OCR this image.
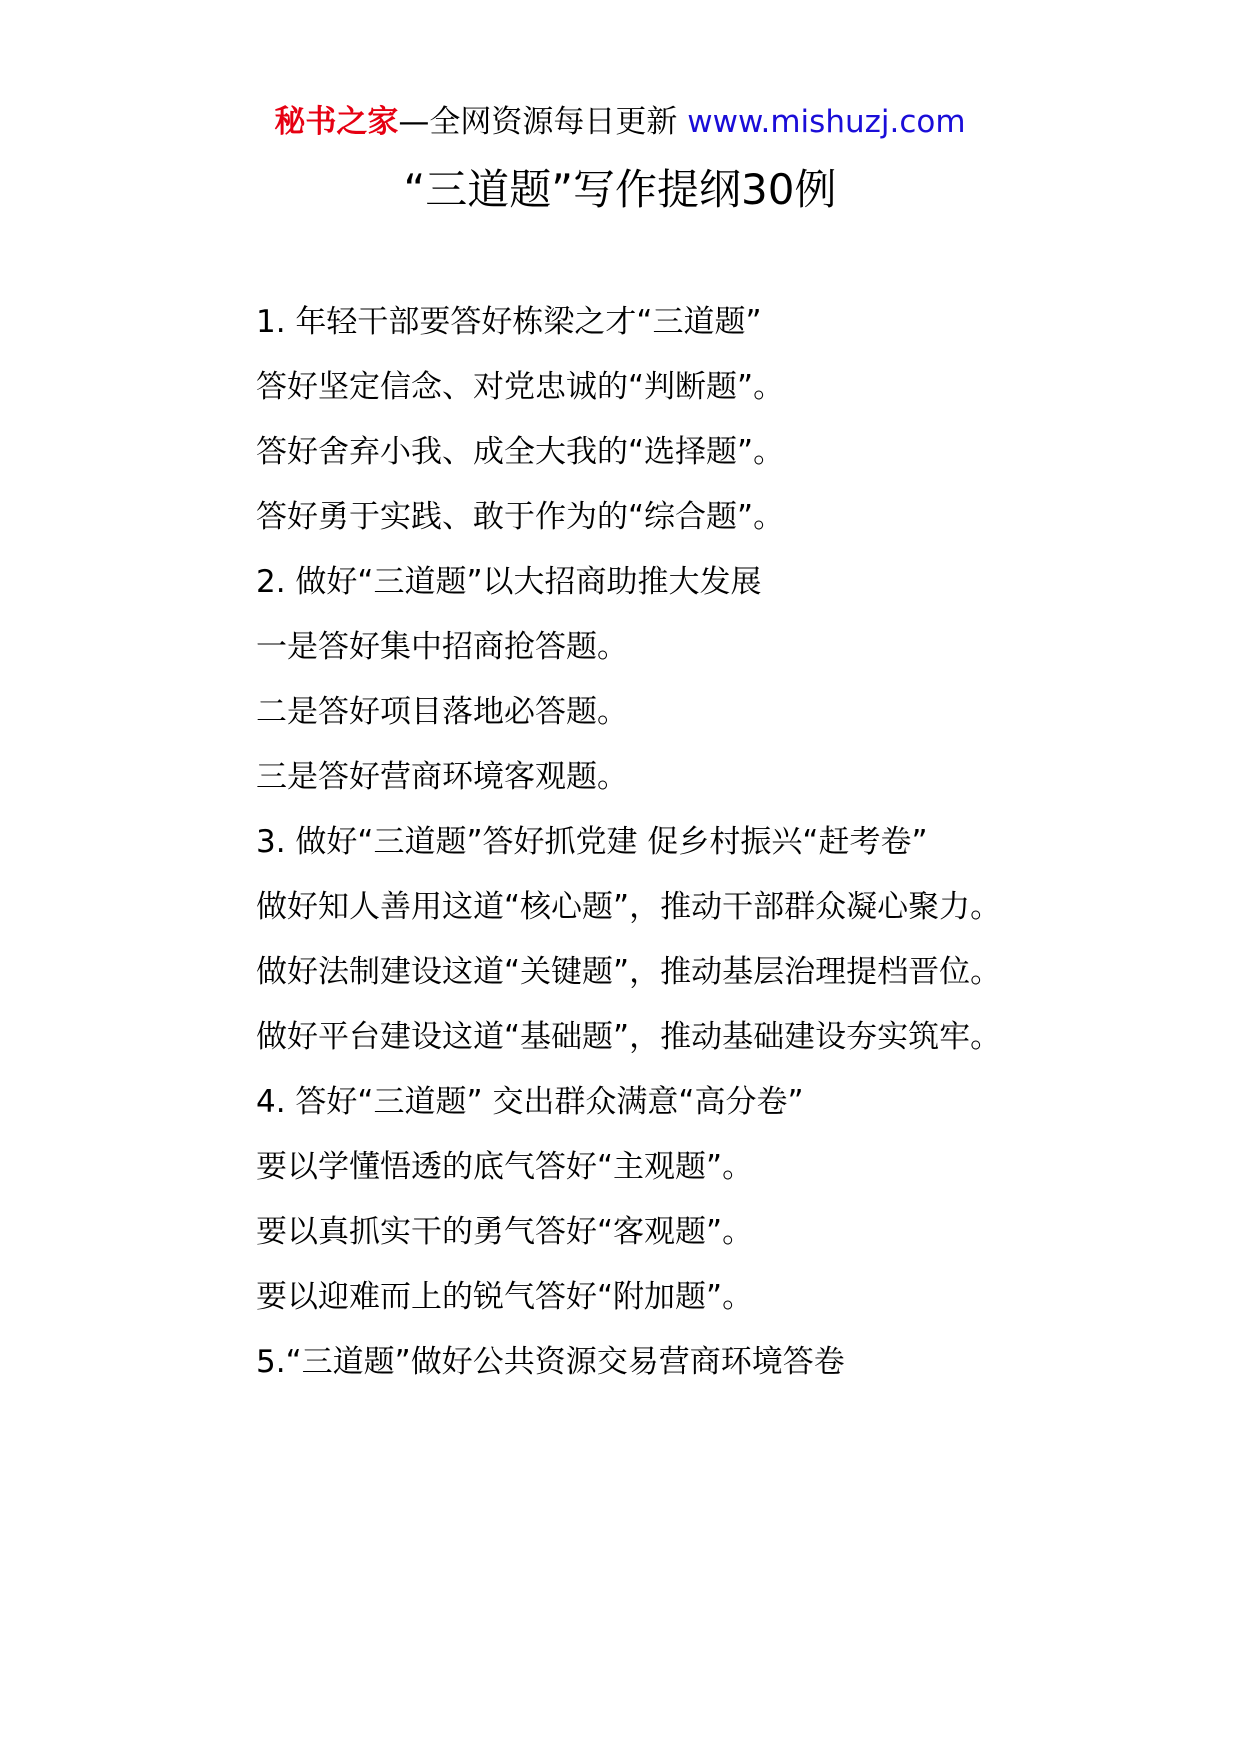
秘书之家—全网资源每日更新 www.mishuzj.com
“三道题”写作提纲30例

1. 年轻干部要答好栋梁之才“三道题”

答好坚定信念、对党忠诚的“判断题”。

答好舍弃小我、成全大我的“选择题”。

答好勇于实践、敢于作为的“综合题”。

2. 做好“三道题”以大招商助推大发展

一是答好集中招商抢答题。

二是答好项目落地必答题。

三是答好营商环境客观题。

3. 做好“三道题”答好抓党建 促乡村振兴“赶考卷”

做好知人善用这道“核心题”，推动干部群众凝心聚力。

做好法制建设这道“关键题”，推动基层治理提档晋位。

做好平台建设这道“基础题”，推动基础建设夯实筑牢。

4. 答好“三道题” 交出群众满意“高分卷”

要以学懂悟透的底气答好“主观题”。

要以真抓实干的勇气答好“客观题”。

要以迎难而上的锐气答好“附加题”。

5.“三道题”做好公共资源交易营商环境答卷
